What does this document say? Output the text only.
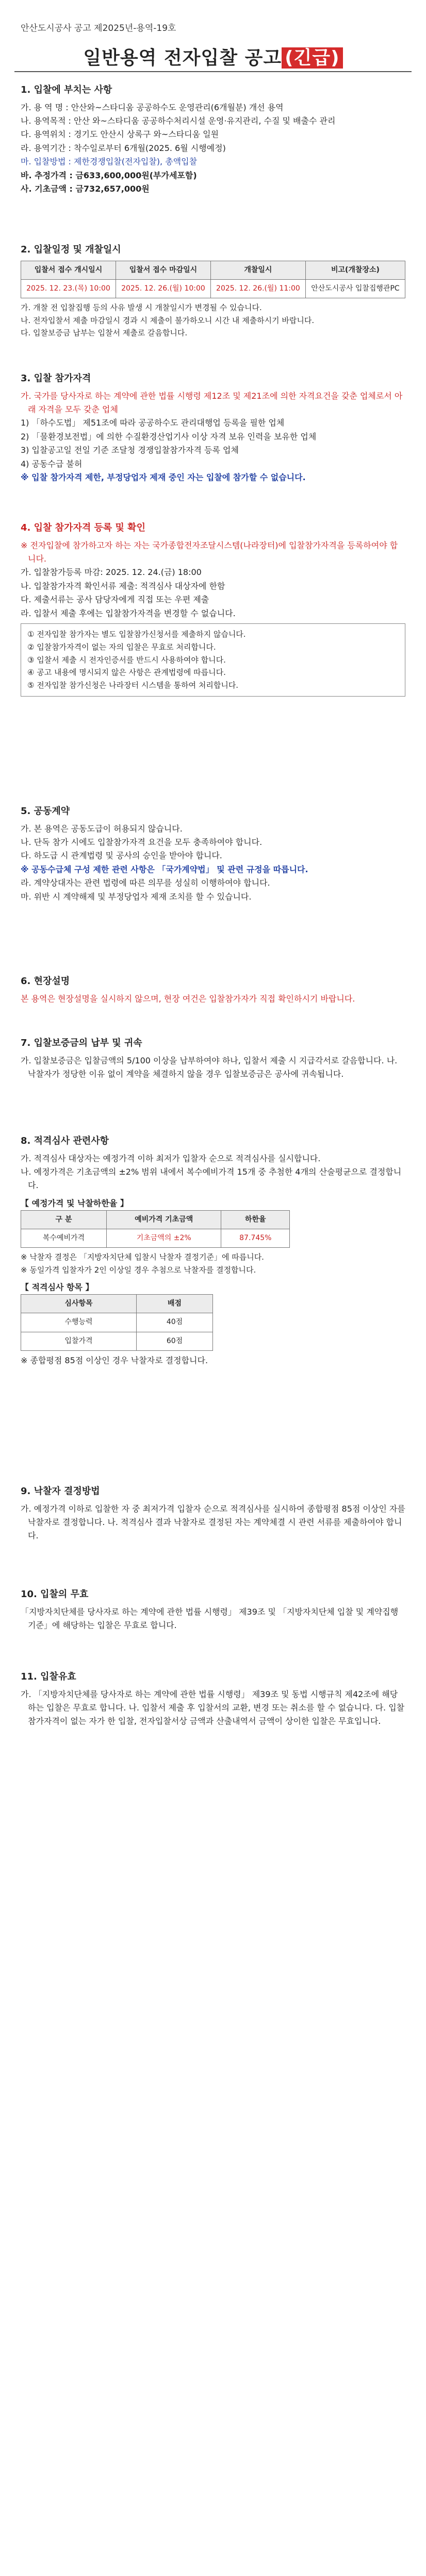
안산도시공사 공고 제2025년-용역-19호
일반용역 전자입찰 공고 (긴급)
1. 입찰에 부치는 사항
가. 용 역 명 : 안산와~스타디움 공공하수도 운영관리(6개월분) 개선 용역
나. 용역목적 : 안산 와~스타디움 공공하수처리시설 운영·유지관리, 수질 및 배출수 관리
다. 용역위치 : 경기도 안산시 상록구 와~스타디움 일원
라. 용역기간 : 착수일로부터 6개월(2025. 6월 시행예정)
마. 입찰방법 : 제한경쟁입찰(전자입찰), 총액입찰
바. 추정가격 : 금633,600,000원(부가세포함)
사. 기초금액 : 금732,657,000원
2. 입찰일정 및 개찰일시
입찰서 접수 개시일시	입찰서 접수 마감일시	개찰일시	비고(개찰장소)
2025. 12. 23.(목) 10:00	2025. 12. 26.(월) 10:00	2025. 12. 26.(월) 11:00	안산도시공사 입찰집행관PC
가. 개찰 전 입찰집행 등의 사유 발생 시 개찰일시가 변경될 수 있습니다.
나. 전자입찰서 제출 마감일시 경과 시 제출이 불가하오니 시간 내 제출하시기 바랍니다.
다. 입찰보증금 납부는 입찰서 제출로 갈음합니다.
3. 입찰 참가자격
가. 국가를 당사자로 하는 계약에 관한 법률 시행령 제12조 및 제21조에 의한 자격요건을 갖춘 업체로서 아래 자격을 모두 갖춘 업체
1) 「하수도법」 제51조에 따라 공공하수도 관리대행업 등록을 필한 업체
2) 「물환경보전법」에 의한 수질환경산업기사 이상 자격 보유 인력을 보유한 업체
3) 입찰공고일 전일 기준 조달청 경쟁입찰참가자격 등록 업체
4) 공동수급 불허
※ 입찰 참가자격 제한, 부정당업자 제재 중인 자는 입찰에 참가할 수 없습니다.
4. 입찰 참가자격 등록 및 확인
※ 전자입찰에 참가하고자 하는 자는 국가종합전자조달시스템(나라장터)에 입찰참가자격을 등록하여야 합니다.
가. 입찰참가등록 마감: 2025. 12. 24.(금) 18:00
나. 입찰참가자격 확인서류 제출: 적격심사 대상자에 한함
다. 제출서류는 공사 담당자에게 직접 또는 우편 제출
라. 입찰서 제출 후에는 입찰참가자격을 변경할 수 없습니다.
① 전자입찰 참가자는 별도 입찰참가신청서를 제출하지 않습니다.
② 입찰참가자격이 없는 자의 입찰은 무효로 처리합니다.
③ 입찰서 제출 시 전자인증서를 반드시 사용하여야 합니다.
④ 공고 내용에 명시되지 않은 사항은 관계법령에 따릅니다.
⑤ 전자입찰 참가신청은 나라장터 시스템을 통하여 처리합니다.
5. 공동계약
가. 본 용역은 공동도급이 허용되지 않습니다.
나. 단독 참가 시에도 입찰참가자격 요건을 모두 충족하여야 합니다.
다. 하도급 시 관계법령 및 공사의 승인을 받아야 합니다.
※ 공동수급체 구성 제한 관련 사항은 「국가계약법」 및 관련 규정을 따릅니다.
라. 계약상대자는 관련 법령에 따른 의무를 성실히 이행하여야 합니다.
마. 위반 시 계약해제 및 부정당업자 제재 조치를 할 수 있습니다.
6. 현장설명
본 용역은 현장설명을 실시하지 않으며, 현장 여건은 입찰참가자가 직접 확인하시기 바랍니다.
7. 입찰보증금의 납부 및 귀속
가. 입찰보증금은 입찰금액의 5/100 이상을 납부하여야 하나, 입찰서 제출 시 지급각서로 갈음합니다. 나. 낙찰자가 정당한 이유 없이 계약을 체결하지 않을 경우 입찰보증금은 공사에 귀속됩니다.
8. 적격심사 관련사항
가. 적격심사 대상자는 예정가격 이하 최저가 입찰자 순으로 적격심사를 실시합니다.
나. 예정가격은 기초금액의 ±2% 범위 내에서 복수예비가격 15개 중 추첨한 4개의 산술평균으로 결정합니다.
【 예정가격 및 낙찰하한율 】
구 분	예비가격 기초금액	하한율
복수예비가격	기초금액의 ±2%	87.745%
※ 낙찰자 결정은 「지방자치단체 입찰시 낙찰자 결정기준」에 따릅니다.
※ 동일가격 입찰자가 2인 이상일 경우 추첨으로 낙찰자를 결정합니다.
【 적격심사 항목 】
심사항목	배점
수행능력	40점
입찰가격	60점
※ 종합평점 85점 이상인 경우 낙찰자로 결정합니다.
9. 낙찰자 결정방법
가. 예정가격 이하로 입찰한 자 중 최저가격 입찰자 순으로 적격심사를 실시하여 종합평점 85점 이상인 자를 낙찰자로 결정합니다. 나. 적격심사 결과 낙찰자로 결정된 자는 계약체결 시 관련 서류를 제출하여야 합니다.
10. 입찰의 무효
「지방자치단체를 당사자로 하는 계약에 관한 법률 시행령」 제39조 및 「지방자치단체 입찰 및 계약집행기준」에 해당하는 입찰은 무효로 합니다.
11. 입찰유효
가. 「지방자치단체를 당사자로 하는 계약에 관한 법률 시행령」 제39조 및 동법 시행규칙 제42조에 해당하는 입찰은 무효로 합니다. 나. 입찰서 제출 후 입찰서의 교환, 변경 또는 취소를 할 수 없습니다. 다. 입찰참가자격이 없는 자가 한 입찰, 전자입찰서상 금액과 산출내역서 금액이 상이한 입찰은 무효입니다.
